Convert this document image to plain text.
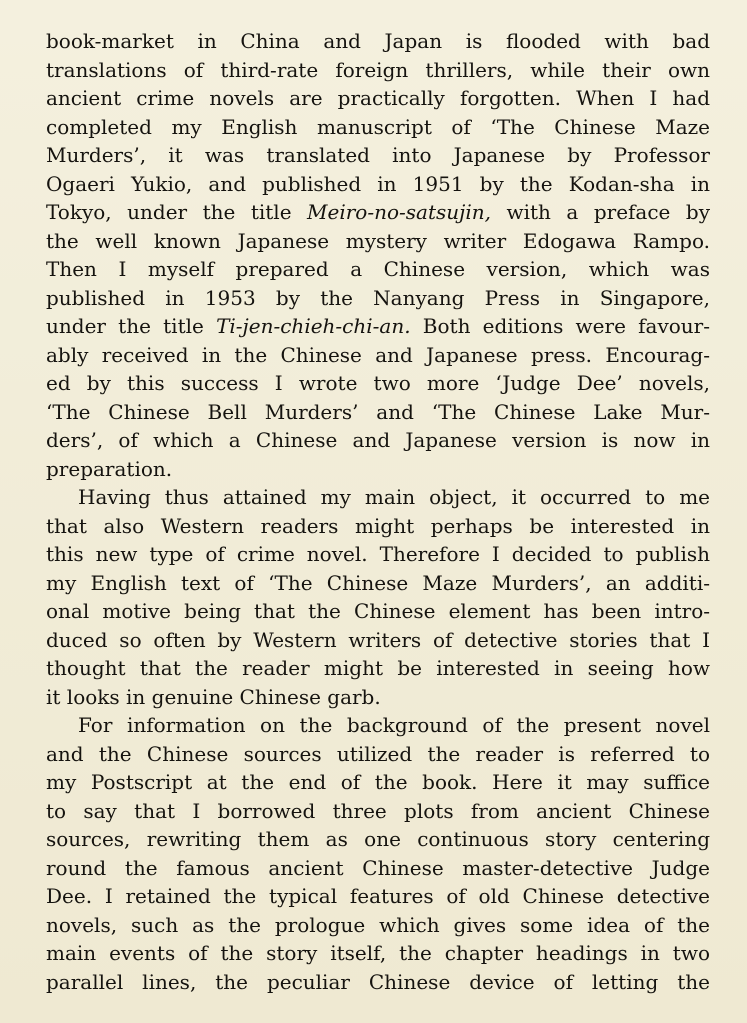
book-market in China and Japan is flooded with bad
translations of third-rate foreign thrillers, while their own
ancient crime novels are practically forgotten. When I had
completed my English manuscript of ‘The Chinese Maze
Murders’, it was translated into Japanese by Professor
Ogaeri Yukio, and published in 1951 by the Kodan-sha in
Tokyo, under the title Meiro-no-satsujin, with a preface by
the well known Japanese mystery writer Edogawa Rampo.
Then I myself prepared a Chinese version, which was
published in 1953 by the Nanyang Press in Singapore,
under the title Ti-jen-chieh-chi-an. Both editions were favour-
ably received in the Chinese and Japanese press. Encourag-
ed by this success I wrote two more ‘Judge Dee’ novels,
‘The Chinese Bell Murders’ and ‘The Chinese Lake Mur-
ders’, of which a Chinese and Japanese version is now in
preparation.
Having thus attained my main object, it occurred to me
that also Western readers might perhaps be interested in
this new type of crime novel. Therefore I decided to publish
my English text of ‘The Chinese Maze Murders’, an additi-
onal motive being that the Chinese element has been intro-
duced so often by Western writers of detective stories that I
thought that the reader might be interested in seeing how
it looks in genuine Chinese garb.
For information on the background of the present novel
and the Chinese sources utilized the reader is referred to
my Postscript at the end of the book. Here it may suffice
to say that I borrowed three plots from ancient Chinese
sources, rewriting them as one continuous story centering
round the famous ancient Chinese master-detective Judge
Dee. I retained the typical features of old Chinese detective
novels, such as the prologue which gives some idea of the
main events of the story itself, the chapter headings in two
parallel lines, the peculiar Chinese device of letting the
